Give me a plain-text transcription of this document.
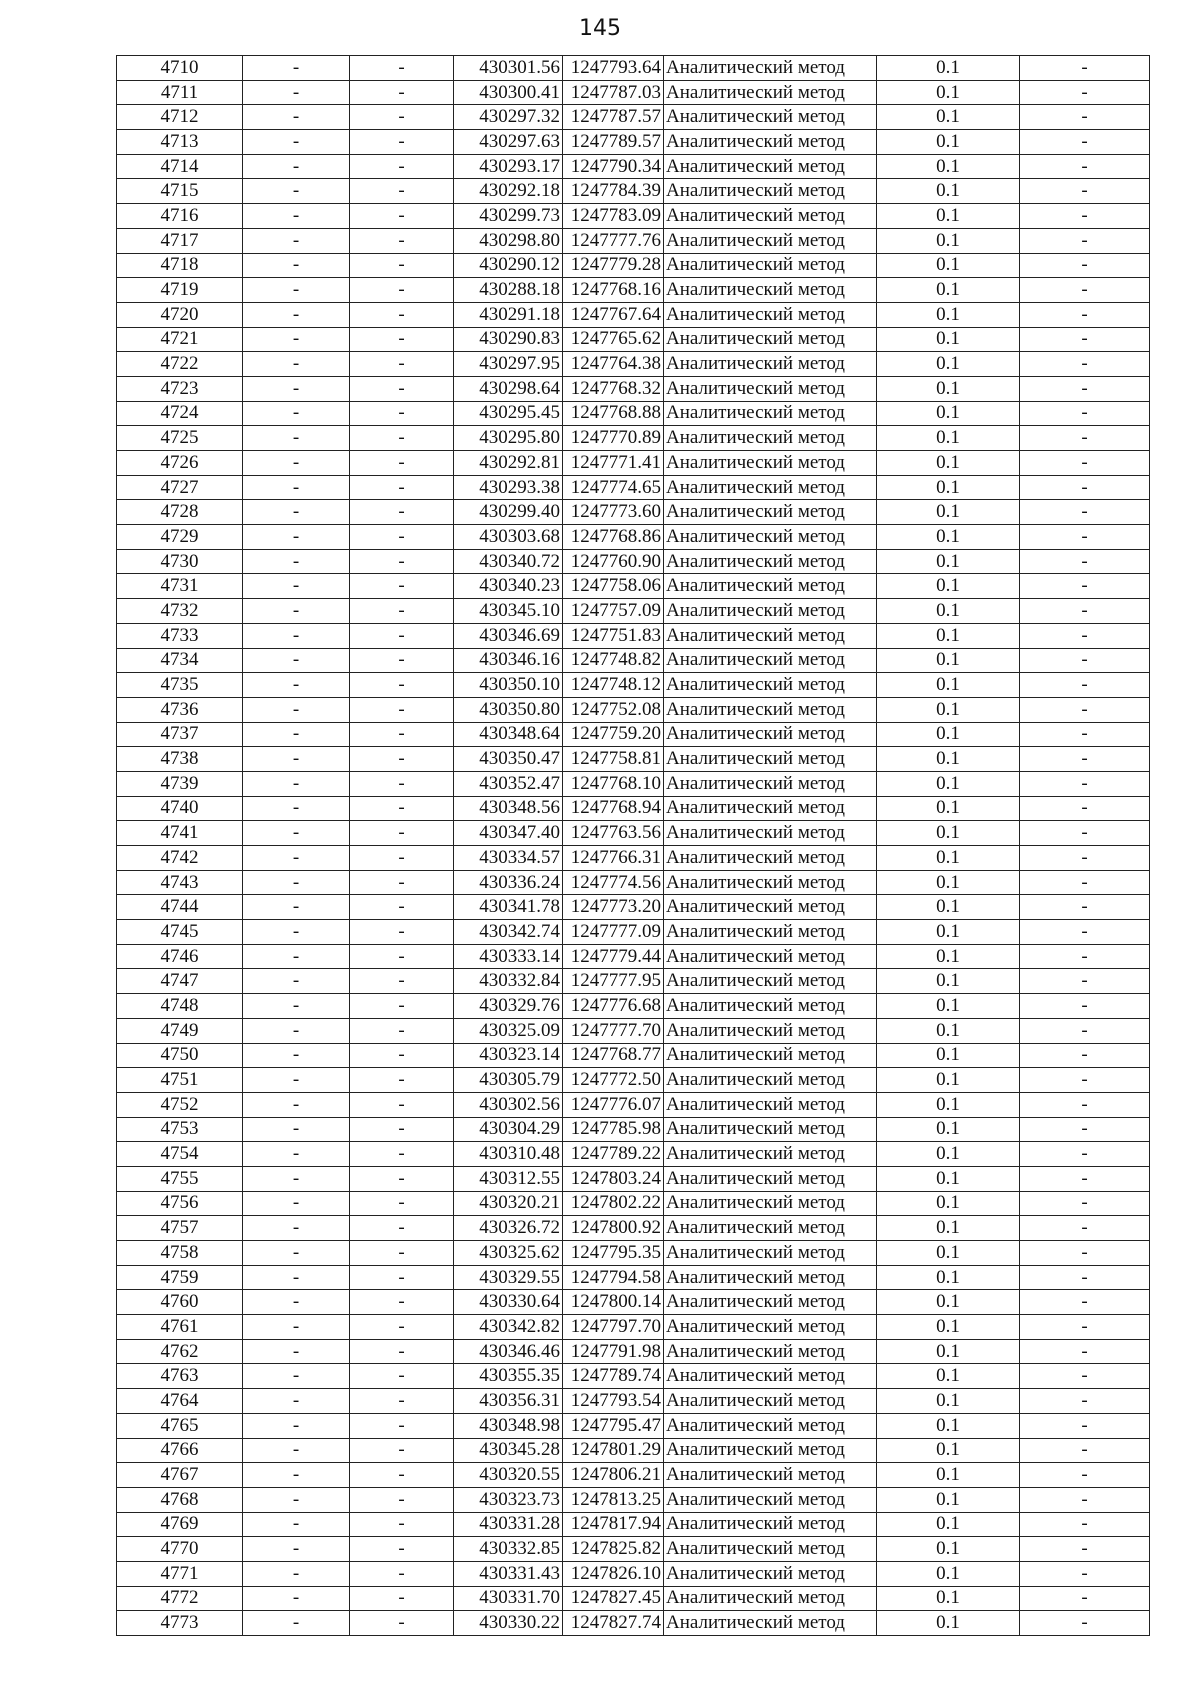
145
4710	-	-	430301.56	1247793.64	Аналитический метод	0.1	-
4711	-	-	430300.41	1247787.03	Аналитический метод	0.1	-
4712	-	-	430297.32	1247787.57	Аналитический метод	0.1	-
4713	-	-	430297.63	1247789.57	Аналитический метод	0.1	-
4714	-	-	430293.17	1247790.34	Аналитический метод	0.1	-
4715	-	-	430292.18	1247784.39	Аналитический метод	0.1	-
4716	-	-	430299.73	1247783.09	Аналитический метод	0.1	-
4717	-	-	430298.80	1247777.76	Аналитический метод	0.1	-
4718	-	-	430290.12	1247779.28	Аналитический метод	0.1	-
4719	-	-	430288.18	1247768.16	Аналитический метод	0.1	-
4720	-	-	430291.18	1247767.64	Аналитический метод	0.1	-
4721	-	-	430290.83	1247765.62	Аналитический метод	0.1	-
4722	-	-	430297.95	1247764.38	Аналитический метод	0.1	-
4723	-	-	430298.64	1247768.32	Аналитический метод	0.1	-
4724	-	-	430295.45	1247768.88	Аналитический метод	0.1	-
4725	-	-	430295.80	1247770.89	Аналитический метод	0.1	-
4726	-	-	430292.81	1247771.41	Аналитический метод	0.1	-
4727	-	-	430293.38	1247774.65	Аналитический метод	0.1	-
4728	-	-	430299.40	1247773.60	Аналитический метод	0.1	-
4729	-	-	430303.68	1247768.86	Аналитический метод	0.1	-
4730	-	-	430340.72	1247760.90	Аналитический метод	0.1	-
4731	-	-	430340.23	1247758.06	Аналитический метод	0.1	-
4732	-	-	430345.10	1247757.09	Аналитический метод	0.1	-
4733	-	-	430346.69	1247751.83	Аналитический метод	0.1	-
4734	-	-	430346.16	1247748.82	Аналитический метод	0.1	-
4735	-	-	430350.10	1247748.12	Аналитический метод	0.1	-
4736	-	-	430350.80	1247752.08	Аналитический метод	0.1	-
4737	-	-	430348.64	1247759.20	Аналитический метод	0.1	-
4738	-	-	430350.47	1247758.81	Аналитический метод	0.1	-
4739	-	-	430352.47	1247768.10	Аналитический метод	0.1	-
4740	-	-	430348.56	1247768.94	Аналитический метод	0.1	-
4741	-	-	430347.40	1247763.56	Аналитический метод	0.1	-
4742	-	-	430334.57	1247766.31	Аналитический метод	0.1	-
4743	-	-	430336.24	1247774.56	Аналитический метод	0.1	-
4744	-	-	430341.78	1247773.20	Аналитический метод	0.1	-
4745	-	-	430342.74	1247777.09	Аналитический метод	0.1	-
4746	-	-	430333.14	1247779.44	Аналитический метод	0.1	-
4747	-	-	430332.84	1247777.95	Аналитический метод	0.1	-
4748	-	-	430329.76	1247776.68	Аналитический метод	0.1	-
4749	-	-	430325.09	1247777.70	Аналитический метод	0.1	-
4750	-	-	430323.14	1247768.77	Аналитический метод	0.1	-
4751	-	-	430305.79	1247772.50	Аналитический метод	0.1	-
4752	-	-	430302.56	1247776.07	Аналитический метод	0.1	-
4753	-	-	430304.29	1247785.98	Аналитический метод	0.1	-
4754	-	-	430310.48	1247789.22	Аналитический метод	0.1	-
4755	-	-	430312.55	1247803.24	Аналитический метод	0.1	-
4756	-	-	430320.21	1247802.22	Аналитический метод	0.1	-
4757	-	-	430326.72	1247800.92	Аналитический метод	0.1	-
4758	-	-	430325.62	1247795.35	Аналитический метод	0.1	-
4759	-	-	430329.55	1247794.58	Аналитический метод	0.1	-
4760	-	-	430330.64	1247800.14	Аналитический метод	0.1	-
4761	-	-	430342.82	1247797.70	Аналитический метод	0.1	-
4762	-	-	430346.46	1247791.98	Аналитический метод	0.1	-
4763	-	-	430355.35	1247789.74	Аналитический метод	0.1	-
4764	-	-	430356.31	1247793.54	Аналитический метод	0.1	-
4765	-	-	430348.98	1247795.47	Аналитический метод	0.1	-
4766	-	-	430345.28	1247801.29	Аналитический метод	0.1	-
4767	-	-	430320.55	1247806.21	Аналитический метод	0.1	-
4768	-	-	430323.73	1247813.25	Аналитический метод	0.1	-
4769	-	-	430331.28	1247817.94	Аналитический метод	0.1	-
4770	-	-	430332.85	1247825.82	Аналитический метод	0.1	-
4771	-	-	430331.43	1247826.10	Аналитический метод	0.1	-
4772	-	-	430331.70	1247827.45	Аналитический метод	0.1	-
4773	-	-	430330.22	1247827.74	Аналитический метод	0.1	-
